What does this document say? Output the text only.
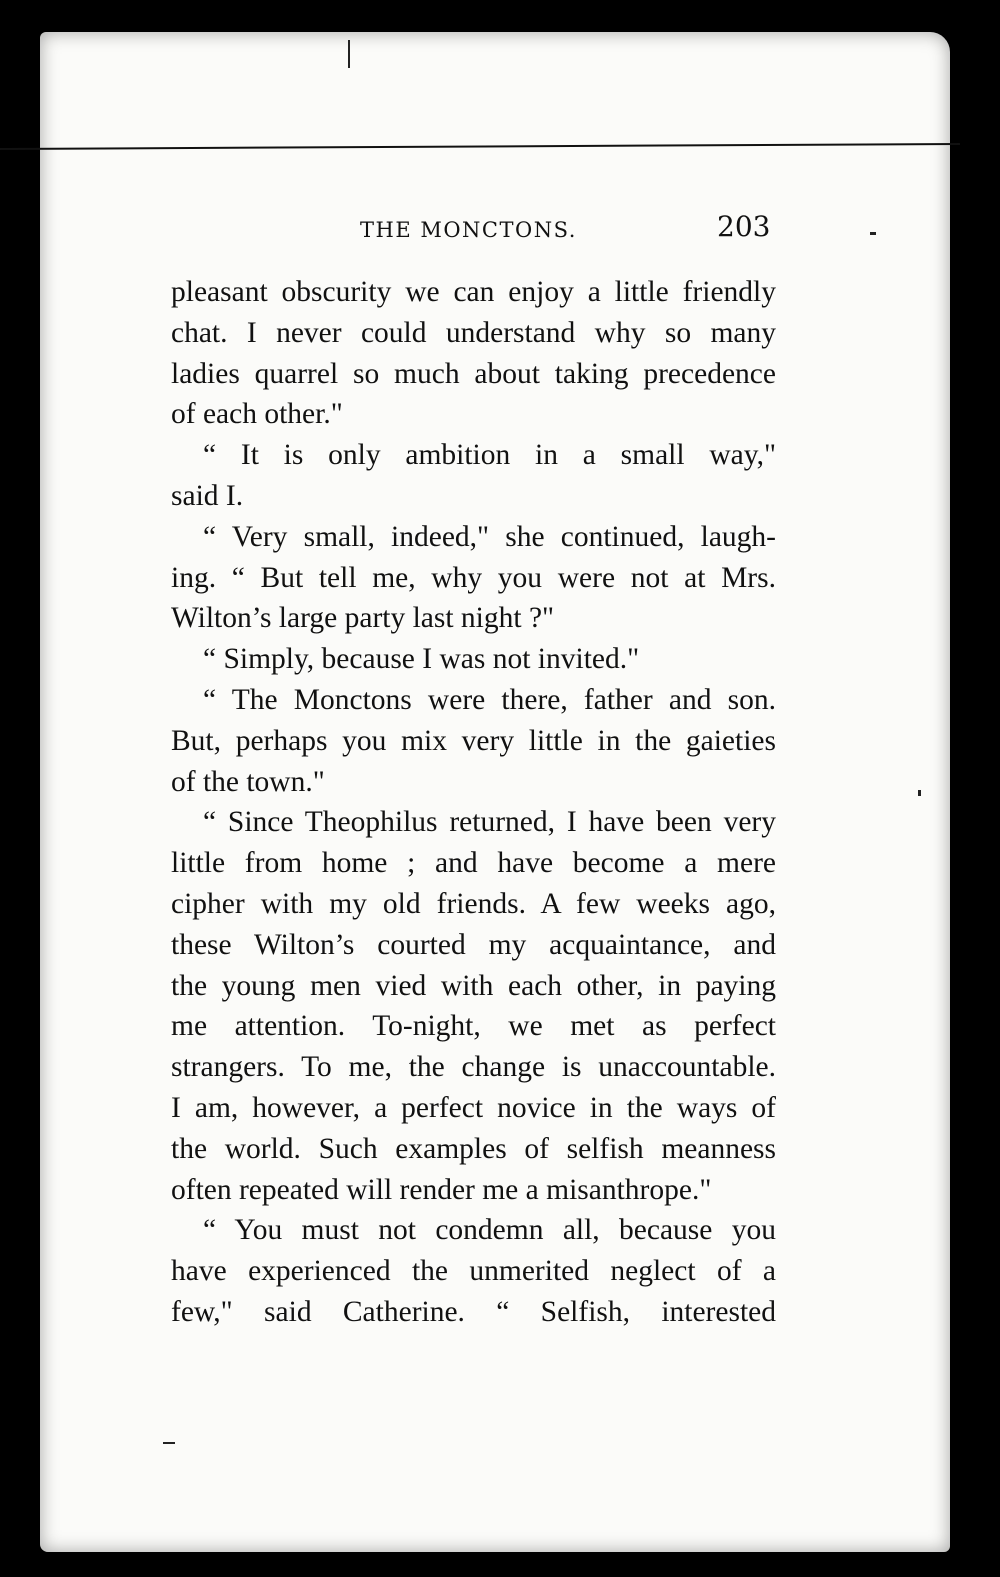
THE MONCTONS.	203
pleasant obscurity we can enjoy a little friendly
chat. I never could understand why so many
ladies quarrel so much about taking precedence
of each other."
“ It is only ambition in a small way,"
said I.
“ Very small, indeed," she continued, laugh-
ing. “ But tell me, why you were not at Mrs.
Wilton’s large party last night ?"
“ Simply, because I was not invited."
“ The Monctons were there, father and son.
But, perhaps you mix very little in the gaieties
of the town."
“ Since Theophilus returned, I have been very
little from home ; and have become a mere
cipher with my old friends. A few weeks ago,
these Wilton’s courted my acquaintance, and
the young men vied with each other, in paying
me attention. To-night, we met as perfect
strangers. To me, the change is unaccountable.
I am, however, a perfect novice in the ways of
the world. Such examples of selfish meanness
often repeated will render me a misanthrope."
“ You must not condemn all, because you
have experienced the unmerited neglect of a
few," said Catherine. “ Selfish, interested
